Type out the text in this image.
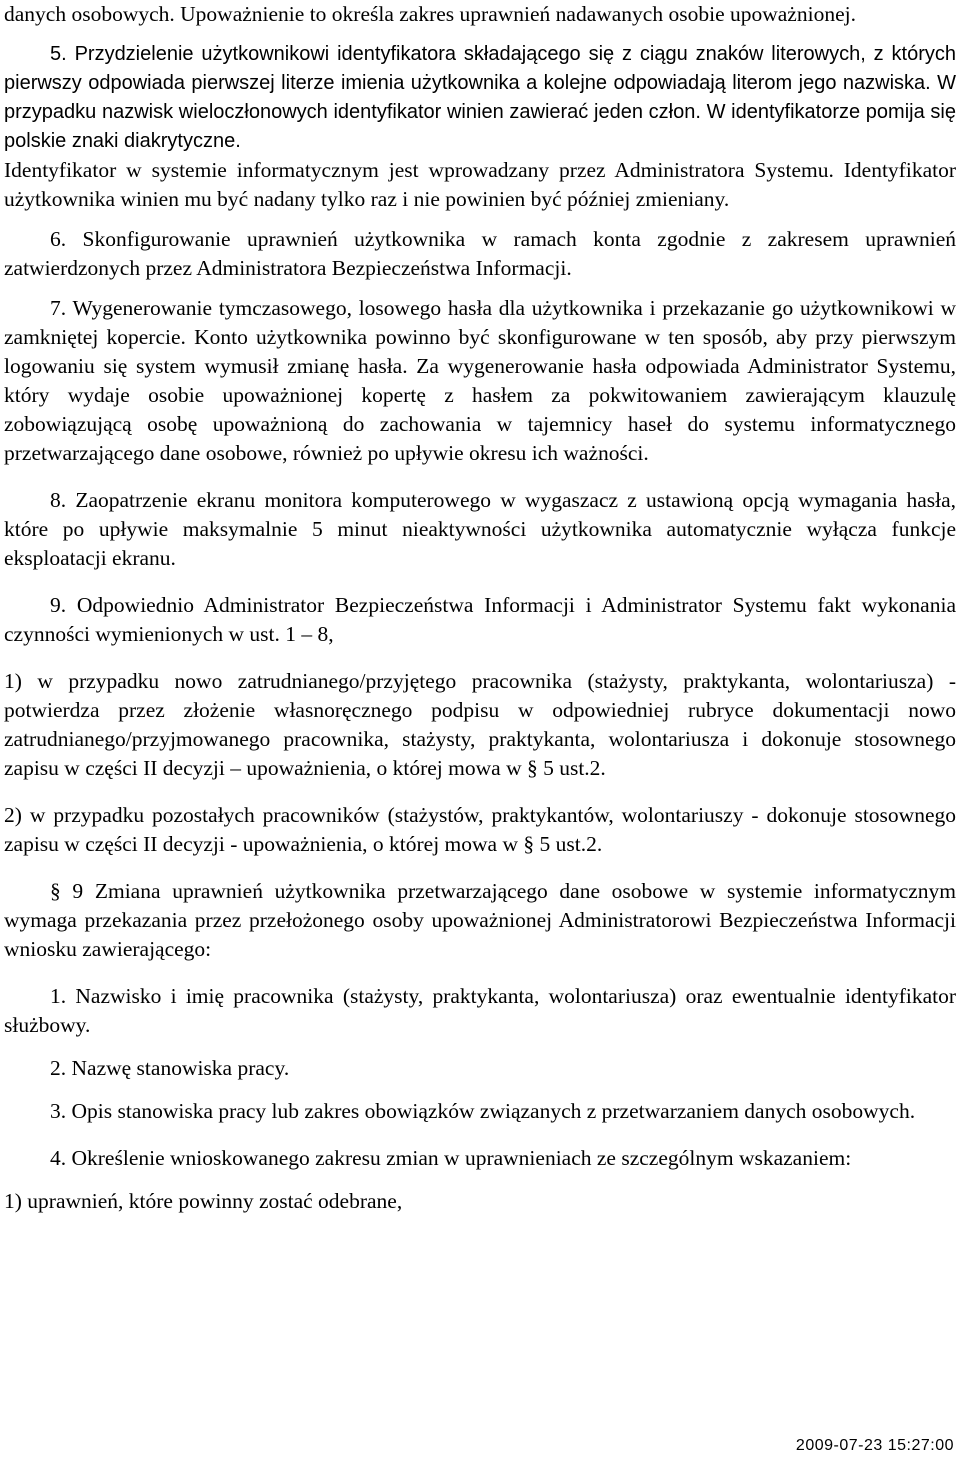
danych osobowych. Upoważnienie to określa zakres uprawnień nadawanych osobie upoważnionej.

5. Przydzielenie użytkownikowi identyfikatora składającego się z ciągu znaków literowych, z których pierwszy odpowiada pierwszej literze imienia użytkownika a kolejne odpowiadają literom jego nazwiska. W przypadku nazwisk wieloczłonowych identyfikator winien zawierać jeden człon. W identyfikatorze pomija się polskie znaki diakrytyczne.

Identyfikator w systemie informatycznym jest wprowadzany przez Administratora Systemu. Identyfikator użytkownika winien mu być nadany tylko raz i nie powinien być później zmieniany.

6. Skonfigurowanie uprawnień użytkownika w ramach konta zgodnie z zakresem uprawnień zatwierdzonych przez Administratora Bezpieczeństwa Informacji.

7. Wygenerowanie tymczasowego, losowego hasła dla użytkownika i przekazanie go użytkownikowi w zamkniętej kopercie. Konto użytkownika powinno być skonfigurowane w ten sposób, aby przy pierwszym logowaniu się system wymusił zmianę hasła. Za wygenerowanie hasła odpowiada Administrator Systemu, który wydaje osobie upoważnionej kopertę z hasłem za pokwitowaniem zawierającym klauzulę zobowiązującą osobę upoważnioną do zachowania w tajemnicy haseł do systemu informatycznego przetwarzającego dane osobowe, również po upływie okresu ich ważności.

8. Zaopatrzenie ekranu monitora komputerowego w wygaszacz z ustawioną opcją wymagania hasła, które po upływie maksymalnie 5 minut nieaktywności użytkownika automatycznie wyłącza funkcje eksploatacji ekranu.

9. Odpowiednio Administrator Bezpieczeństwa Informacji i Administrator Systemu fakt wykonania czynności wymienionych w ust. 1 – 8,

1) w przypadku nowo zatrudnianego/przyjętego pracownika (stażysty, praktykanta, wolontariusza) - potwierdza przez złożenie własnoręcznego podpisu w odpowiedniej rubryce dokumentacji nowo zatrudnianego/przyjmowanego pracownika, stażysty, praktykanta, wolontariusza i dokonuje stosownego zapisu w części II decyzji – upoważnienia, o której mowa w § 5 ust.2.

2) w przypadku pozostałych pracowników (stażystów, praktykantów, wolontariuszy - dokonuje stosownego zapisu w części II decyzji - upoważnienia, o której mowa w § 5 ust.2.

§ 9 Zmiana uprawnień użytkownika przetwarzającego dane osobowe w systemie informatycznym wymaga przekazania przez przełożonego osoby upoważnionej Administratorowi Bezpieczeństwa Informacji wniosku zawierającego:

1. Nazwisko i imię pracownika (stażysty, praktykanta, wolontariusza) oraz ewentualnie identyfikator służbowy.

2. Nazwę stanowiska pracy.

3. Opis stanowiska pracy lub zakres obowiązków związanych z przetwarzaniem danych osobowych.

4. Określenie wnioskowanego zakresu zmian w uprawnieniach ze szczególnym wskazaniem:

1) uprawnień, które powinny zostać odebrane,

2009-07-23 15:27:00
